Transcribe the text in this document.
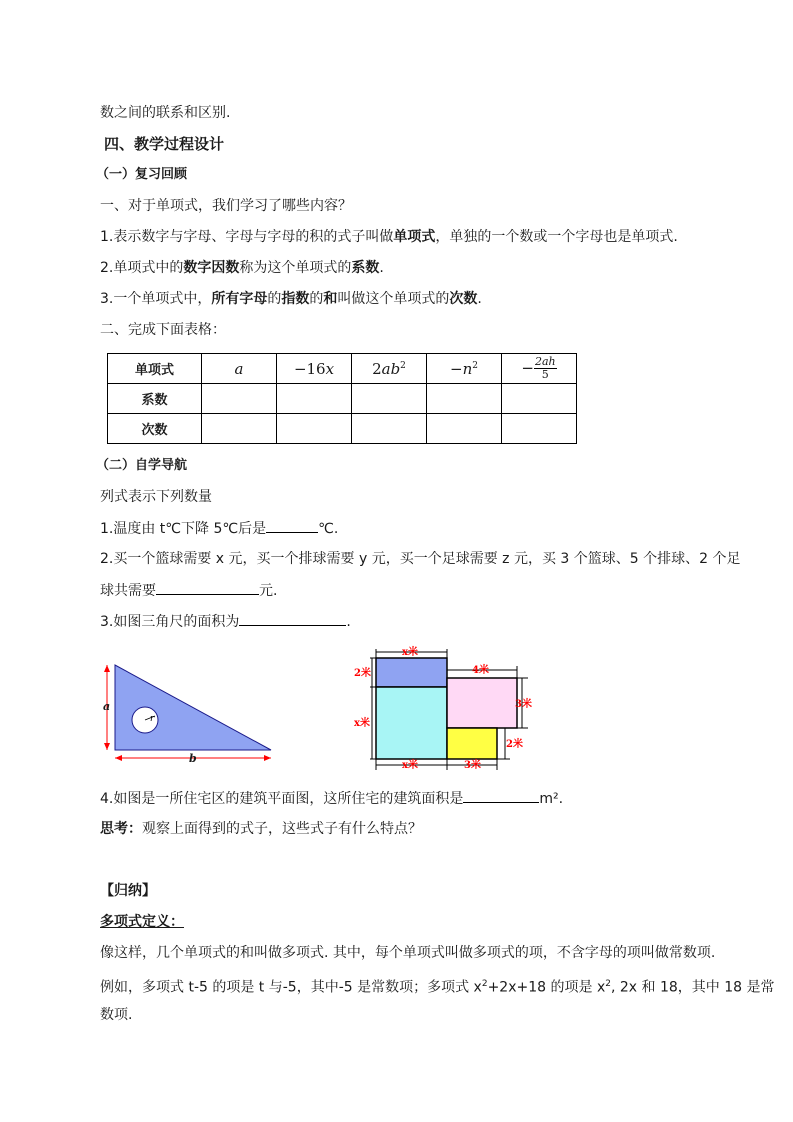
数之间的联系和区别.
四、教学过程设计
（一）复习回顾
一、对于单项式，我们学习了哪些内容？
1.表示数字与字母、字母与字母的积的式子叫做单项式，单独的一个数或一个字母也是单项式.
2.单项式中的数字因数称为这个单项式的系数.
3.一个单项式中，所有字母的指数的和叫做这个单项式的次数.
二、完成下面表格：
单项式	a	−16x	$2ab^2$	$-n^2$	− $\frac{2ah}{5}$

系数					
次数					
（二）自学导航
列式表示下列数量
1.温度由 t℃下降 5℃后是	℃.
2.买一个篮球需要 x 元，买一个排球需要 y 元，买一个足球需要 z 元，买 3 个篮球、5 个排球、2 个足
球共需要	元.
3.如图三角尺的面积为	.
r
a
b
x米
4米
2米
x米
3米
2米
x米	3米
4.如图是一所住宅区的建筑平面图，这所住宅的建筑面积是	m².
思考：观察上面得到的式子，这些式子有什么特点？
【归纳】
多项式定义：
像这样，几个单项式的和叫做多项式. 其中，每个单项式叫做多项式的项，不含字母的项叫做常数项.
例如，多项式 t-5 的项是 t 与-5，其中-5 是常数项；多项式 $x^2+2x+18$ 的项是 $x^2$, 2x 和 18，其中 18 是常
数项.
